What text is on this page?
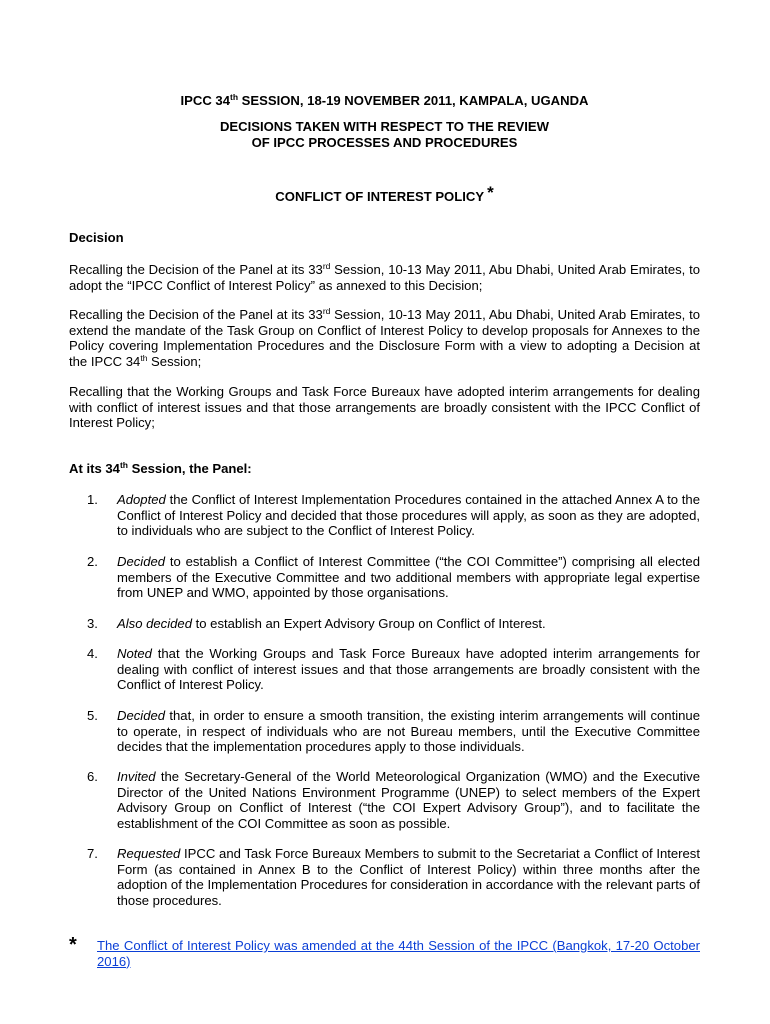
IPCC 34th SESSION, 18-19 NOVEMBER 2011, KAMPALA, UGANDA
DECISIONS TAKEN WITH RESPECT TO THE REVIEW
OF IPCC PROCESSES AND PROCEDURES
CONFLICT OF INTEREST POLICY *
Decision
Recalling the Decision of the Panel at its 33rd Session, 10-13 May 2011, Abu Dhabi, United Arab Emirates, to adopt the “IPCC Conflict of Interest Policy” as annexed to this Decision;
Recalling the Decision of the Panel at its 33rd Session, 10-13 May 2011, Abu Dhabi, United Arab Emirates, to extend the mandate of the Task Group on Conflict of Interest Policy to develop proposals for Annexes to the Policy covering Implementation Procedures and the Disclosure Form with a view to adopting a Decision at the IPCC 34th Session;
Recalling that the Working Groups and Task Force Bureaux have adopted interim arrangements for dealing with conflict of interest issues and that those arrangements are broadly consistent with the IPCC Conflict of Interest Policy;
At its 34th Session, the Panel:
1.	Adopted the Conflict of Interest Implementation Procedures contained in the attached Annex A to the Conflict of Interest Policy and decided that those procedures will apply, as soon as they are adopted, to individuals who are subject to the Conflict of Interest Policy.
2.	Decided to establish a Conflict of Interest Committee (“the COI Committee”) comprising all elected members of the Executive Committee and two additional members with appropriate legal expertise from UNEP and WMO, appointed by those organisations.
3.	Also decided to establish an Expert Advisory Group on Conflict of Interest.
4.	Noted that the Working Groups and Task Force Bureaux have adopted interim arrangements for dealing with conflict of interest issues and that those arrangements are broadly consistent with the Conflict of Interest Policy.
5.	Decided that, in order to ensure a smooth transition, the existing interim arrangements will continue to operate, in respect of individuals who are not Bureau members, until the Executive Committee decides that the implementation procedures apply to those individuals.
6.	Invited the Secretary-General of the World Meteorological Organization (WMO) and the Executive Director of the United Nations Environment Programme (UNEP) to select members of the Expert Advisory Group on Conflict of Interest (“the COI Expert Advisory Group”), and to facilitate the establishment of the COI Committee as soon as possible.
7.	Requested IPCC and Task Force Bureaux Members to submit to the Secretariat a Conflict of Interest Form (as contained in Annex B to the Conflict of Interest Policy) within three months after the adoption of the Implementation Procedures for consideration in accordance with the relevant parts of those procedures.
* The Conflict of Interest Policy was amended at the 44th Session of the IPCC (Bangkok, 17-20 October 2016)
